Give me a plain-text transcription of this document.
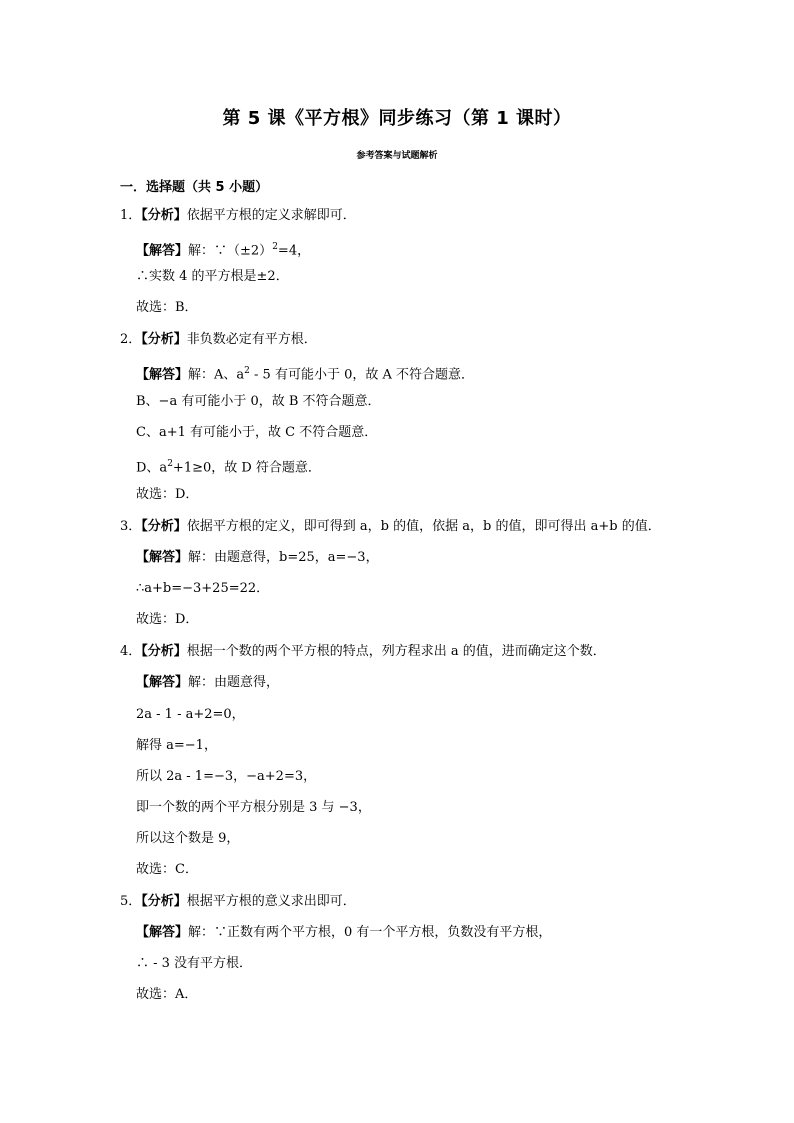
第 5 课《平方根》同步练习（第 1 课时）
参考答案与试题解析
一．选择题（共 5 小题）
1．【分析】依据平方根的定义求解即可．
【解答】解：$\because(\pm 2)^2=4$，
∴实数 4 的平方根是±2．
故选：B．
2．【分析】非负数必定有平方根．
【解答】解：A、$a^2 - 5$ 有可能小于 0，故 A 不符合题意．
B、−a 有可能小于 0，故 B 不符合题意．
C、a+1 有可能小于，故 C 不符合题意．
D、$a^2+1\ge 0$，故 D 符合题意．
故选：D．
3．【分析】依据平方根的定义，即可得到 a，b 的值，依据 a，b 的值，即可得出 a+b 的值．
【解答】解：由题意得，b=25，a=−3，
∴a+b=−3+25=22．
故选：D．
4．【分析】根据一个数的两个平方根的特点，列方程求出 a 的值，进而确定这个数．
【解答】解：由题意得，
2a - 1 - a+2=0，
解得 a=−1，
所以 2a - 1=−3，−a+2=3，
即一个数的两个平方根分别是 3 与 −3，
所以这个数是 9，
故选：C．
5．【分析】根据平方根的意义求出即可．
【解答】解：∵正数有两个平方根，0 有一个平方根，负数没有平方根，
∴ - 3 没有平方根．
故选：A．
